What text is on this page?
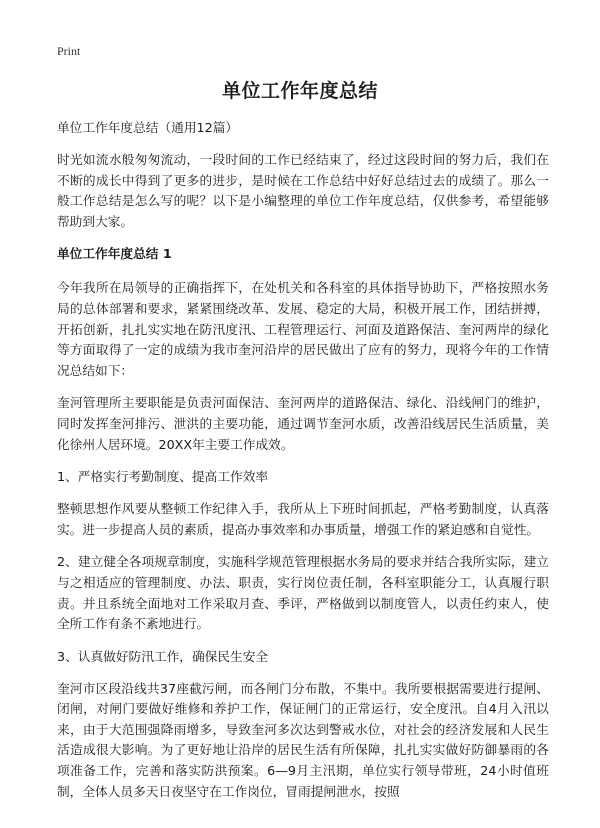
Print

单位工作年度总结

单位工作年度总结（通用12篇）

时光如流水般匆匆流动，一段时间的工作已经结束了，经过这段时间的努力后，我们在不断的成长中得到了更多的进步，是时候在工作总结中好好总结过去的成绩了。那么一般工作总结是怎么写的呢？以下是小编整理的单位工作年度总结，仅供参考，希望能够帮助到大家。

单位工作年度总结 1

今年我所在局领导的正确指挥下，在处机关和各科室的具体指导协助下，严格按照水务局的总体部署和要求，紧紧围绕改革、发展、稳定的大局，积极开展工作，团结拼搏，开拓创新，扎扎实实地在防汛度汛、工程管理运行、河面及道路保洁、奎河两岸的绿化等方面取得了一定的成绩为我市奎河沿岸的居民做出了应有的努力，现将今年的工作情况总结如下：

奎河管理所主要职能是负责河面保洁、奎河两岸的道路保洁、绿化、沿线闸门的维护，同时发挥奎河排污、泄洪的主要功能，通过调节奎河水质，改善沿线居民生活质量，美化徐州人居环境。20XX年主要工作成效。

1、严格实行考勤制度、提高工作效率

整顿思想作风要从整顿工作纪律入手，我所从上下班时间抓起，严格考勤制度，认真落实。进一步提高人员的素质，提高办事效率和办事质量，增强工作的紧迫感和自觉性。

2、建立健全各项规章制度，实施科学规范管理根据水务局的要求并结合我所实际，建立与之相适应的管理制度、办法、职责，实行岗位责任制，各科室职能分工，认真履行职责。并且系统全面地对工作采取月查、季评，严格做到以制度管人，以责任约束人，使全所工作有条不紊地进行。

3、认真做好防汛工作，确保民生安全

奎河市区段沿线共37座截污闸，而各闸门分布散，不集中。我所要根据需要进行提闸、闭闸，对闸门要做好维修和养护工作，保证闸门的正常运行，安全度汛。自4月入汛以来，由于大范围强降雨增多，导致奎河多次达到警戒水位，对社会的经济发展和人民生活造成很大影响。为了更好地让沿岸的居民生活有所保障，扎扎实实做好防御暴雨的各项准备工作，完善和落实防洪预案。6—9月主汛期，单位实行领导带班，24小时值班制，全体人员多天日夜坚守在工作岗位，冒雨提闸泄水，按照
